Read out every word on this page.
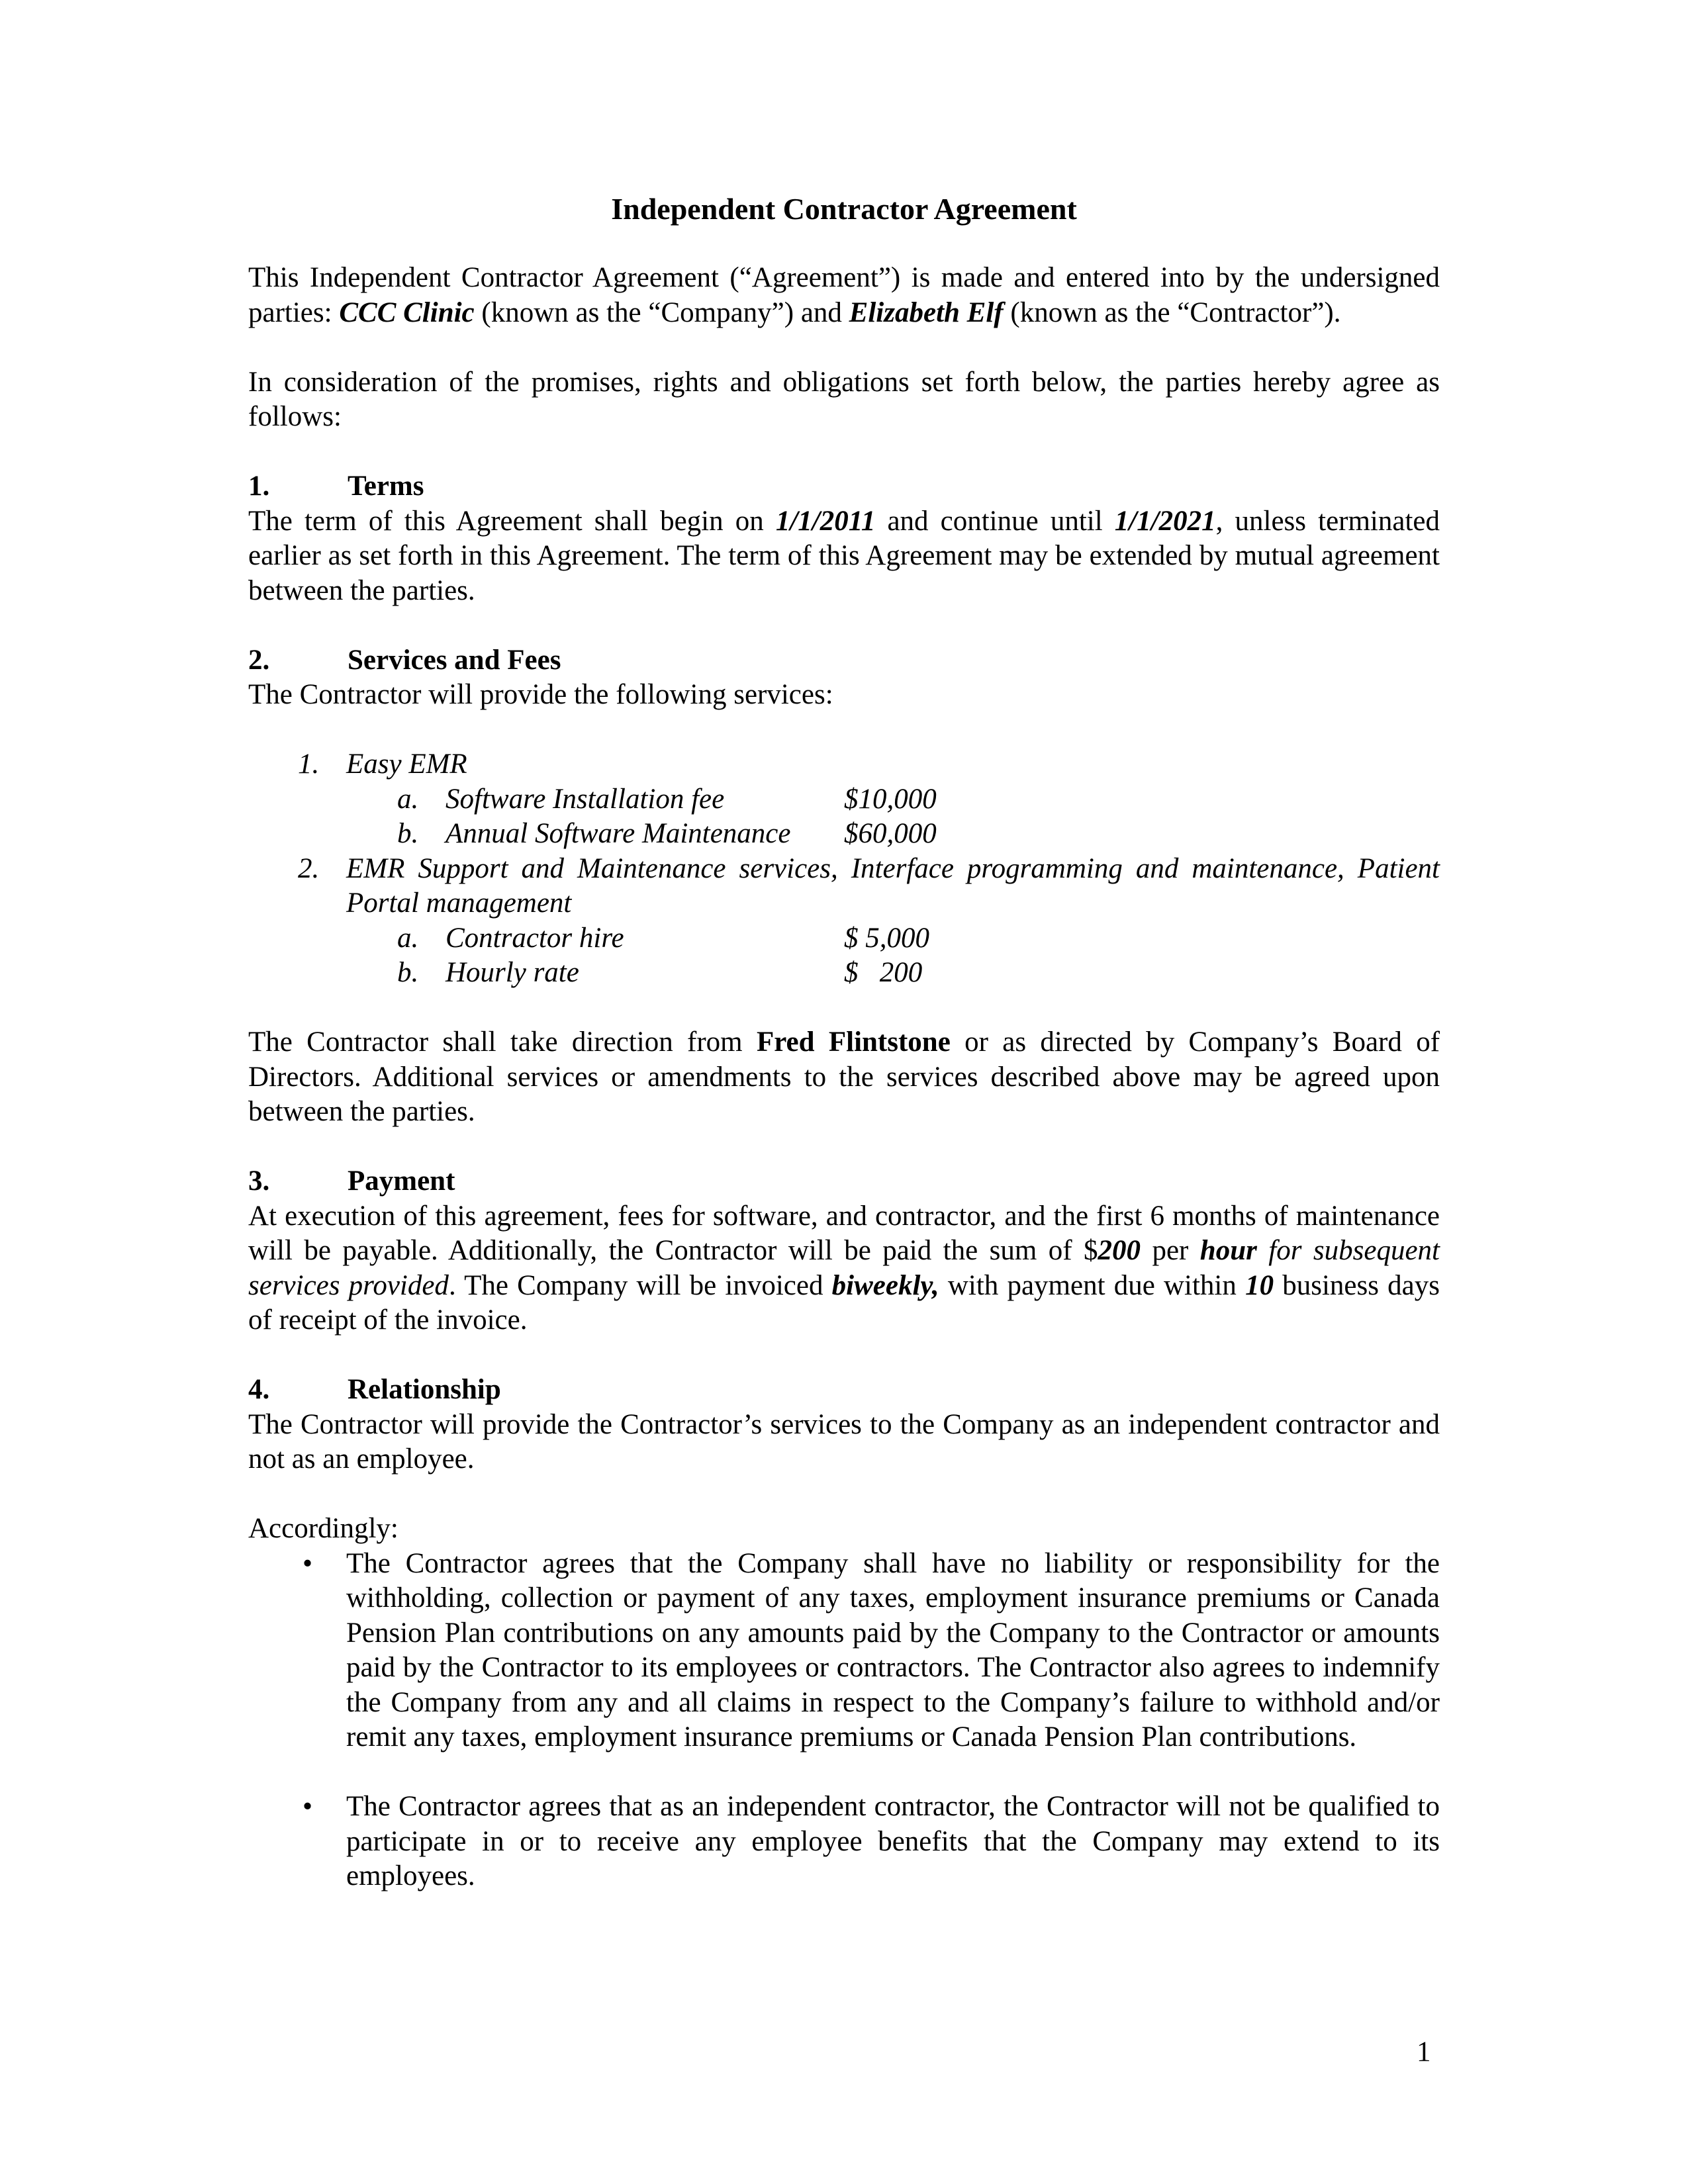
Independent Contractor Agreement

This Independent Contractor Agreement (“Agreement”) is made and entered into by the undersigned parties: CCC Clinic (known as the “Company”) and Elizabeth Elf (known as the “Contractor”).

In consideration of the promises, rights and obligations set forth below, the parties hereby agree as follows:

1.	Terms

The term of this Agreement shall begin on 1/1/2011 and continue until 1/1/2021, unless terminated earlier as set forth in this Agreement. The term of this Agreement may be extended by mutual agreement between the parties.

2.	Services and Fees

The Contractor will provide the following services:

1. Easy EMR

a. Software Installation fee	$10,000
b. Annual Software Maintenance $60,000
2. EMR Support and Maintenance services, Interface programming and maintenance, Patient Portal management

a. Contractor hire	$ 5,000
b. Hourly rate	$   200

The Contractor shall take direction from Fred Flintstone or as directed by Company’s Board of Directors. Additional services or amendments to the services described above may be agreed upon between the parties.

3.	Payment

At execution of this agreement, fees for software, and contractor, and the first 6 months of maintenance will be payable. Additionally, the Contractor will be paid the sum of $200 per hour for subsequent services provided. The Company will be invoiced biweekly, with payment due within 10 business days of receipt of the invoice.

4.	Relationship

The Contractor will provide the Contractor’s services to the Company as an independent contractor and not as an employee.

Accordingly:

• The Contractor agrees that the Company shall have no liability or responsibility for the withholding, collection or payment of any taxes, employment insurance premiums or Canada Pension Plan contributions on any amounts paid by the Company to the Contractor or amounts paid by the Contractor to its employees or contractors. The Contractor also agrees to indemnify the Company from any and all claims in respect to the Company’s failure to withhold and/or remit any taxes, employment insurance premiums or Canada Pension Plan contributions.

• The Contractor agrees that as an independent contractor, the Contractor will not be qualified to participate in or to receive any employee benefits that the Company may extend to its employees.

1
